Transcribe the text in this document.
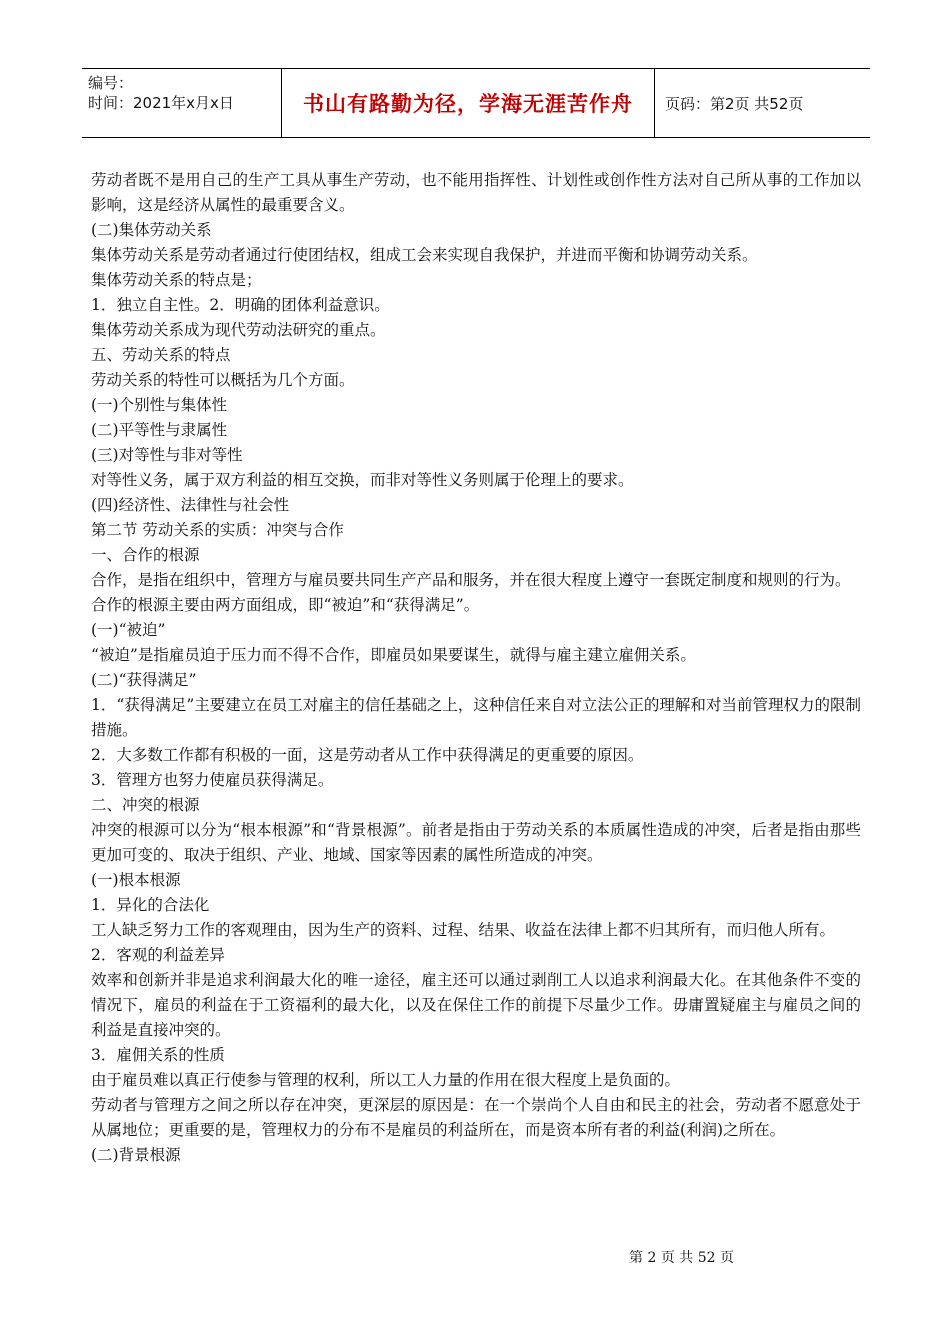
编号：
时间：2021年x月x日	书山有路勤为径，学海无涯苦作舟	页码：第2页 共52页

劳动者既不是用自己的生产工具从事生产劳动，也不能用指挥性、计划性或创作性方法对自己所从事的工作加以影响，这是经济从属性的最重要含义。

(二)集体劳动关系

集体劳动关系是劳动者通过行使团结权，组成工会来实现自我保护，并进而平衡和协调劳动关系。

集体劳动关系的特点是；

1．独立自主性。2．明确的团体利益意识。

集体劳动关系成为现代劳动法研究的重点。

五、劳动关系的特点

劳动关系的特性可以概括为几个方面。

(一)个别性与集体性

(二)平等性与隶属性

(三)对等性与非对等性

对等性义务，属于双方利益的相互交换，而非对等性义务则属于伦理上的要求。

(四)经济性、法律性与社会性

第二节 劳动关系的实质：冲突与合作

一、合作的根源

合作，是指在组织中，管理方与雇员要共同生产产品和服务，并在很大程度上遵守一套既定制度和规则的行为。

合作的根源主要由两方面组成，即“被迫”和“获得满足”。

(一)“被迫”

“被迫”是指雇员迫于压力而不得不合作，即雇员如果要谋生，就得与雇主建立雇佣关系。

(二)“获得满足”

1．“获得满足”主要建立在员工对雇主的信任基础之上，这种信任来自对立法公正的理解和对当前管理权力的限制措施。

2．大多数工作都有积极的一面，这是劳动者从工作中获得满足的更重要的原因。

3．管理方也努力使雇员获得满足。

二、冲突的根源

冲突的根源可以分为“根本根源”和“背景根源”。前者是指由于劳动关系的本质属性造成的冲突，后者是指由那些更加可变的、取决于组织、产业、地域、国家等因素的属性所造成的冲突。

(一)根本根源

1．异化的合法化

工人缺乏努力工作的客观理由，因为生产的资料、过程、结果、收益在法律上都不归其所有，而归他人所有。

2．客观的利益差异

效率和创新并非是追求利润最大化的唯一途径，雇主还可以通过剥削工人以追求利润最大化。在其他条件不变的情况下，雇员的利益在于工资福利的最大化，以及在保住工作的前提下尽量少工作。毋庸置疑雇主与雇员之间的利益是直接冲突的。

3．雇佣关系的性质

由于雇员难以真正行使参与管理的权利，所以工人力量的作用在很大程度上是负面的。

劳动者与管理方之间之所以存在冲突，更深层的原因是：在一个崇尚个人自由和民主的社会，劳动者不愿意处于从属地位；更重要的是，管理权力的分布不是雇员的利益所在，而是资本所有者的利益(利润)之所在。

(二)背景根源

第 2 页 共 52 页
